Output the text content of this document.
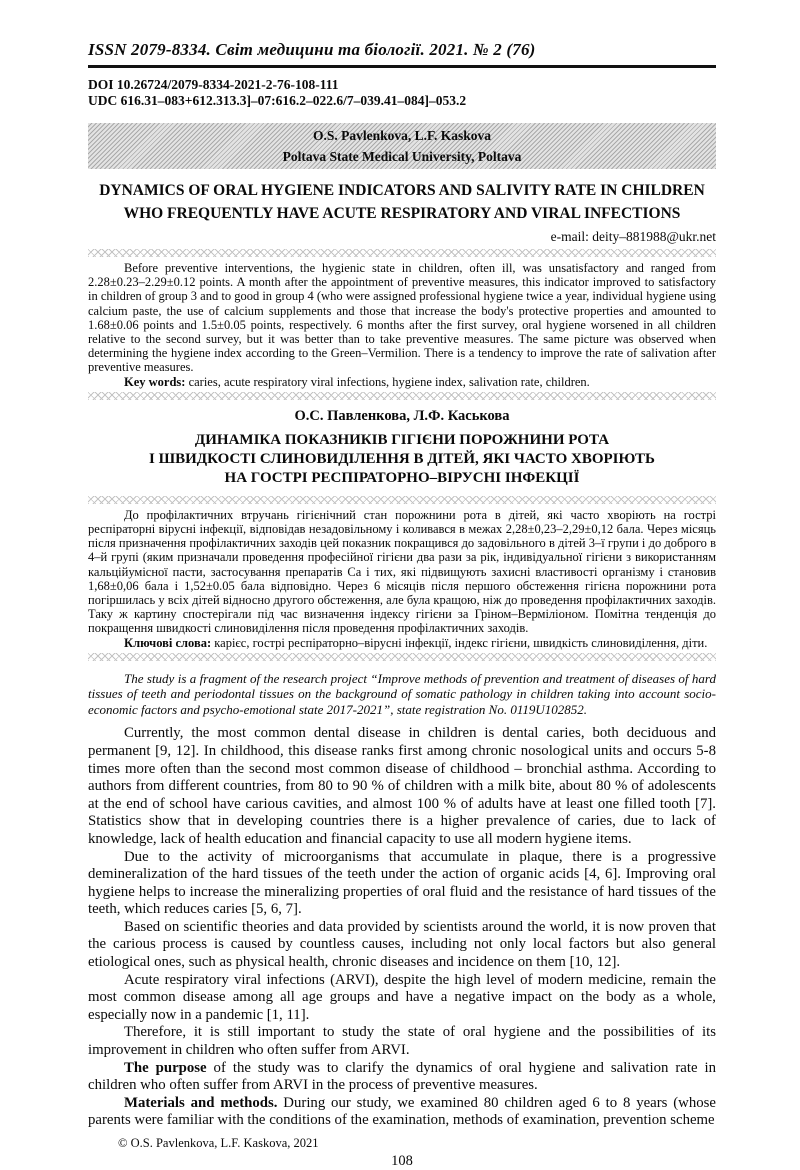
ISSN 2079-8334. Світ медицини та біології. 2021. № 2 (76)
DOI 10.26724/2079-8334-2021-2-76-108-111
UDC 616.31–083+612.313.3]–07:616.2–022.6/7–039.41–084]–053.2
O.S. Pavlenkova, L.F. Kaskova
Poltava State Medical University, Poltava
DYNAMICS OF ORAL HYGIENE INDICATORS AND SALIVITY RATE IN CHILDREN WHO FREQUENTLY HAVE ACUTE RESPIRATORY AND VIRAL INFECTIONS
e-mail: deity–881988@ukr.net

Before preventive interventions, the hygienic state in children, often ill, was unsatisfactory and ranged from 2.28±0.23–2.29±0.12 points. A month after the appointment of preventive measures, this indicator improved to satisfactory in children of group 3 and to good in group 4 (who were assigned professional hygiene twice a year, individual hygiene using calcium paste, the use of calcium supplements and those that increase the body's protective properties and amounted to 1.68±0.06 points and 1.5±0.05 points, respectively. 6 months after the first survey, oral hygiene worsened in all children relative to the second survey, but it was better than to take preventive measures. The same picture was observed when determining the hygiene index according to the Green–Vermilion. There is a tendency to improve the rate of salivation after preventive measures.

Key words: caries, acute respiratory viral infections, hygiene index, salivation rate, children.

О.С. Павленкова, Л.Ф. Каськова
ДИНАМІКА ПОКАЗНИКІВ ГІГІЄНИ ПОРОЖНИНИ РОТА
І ШВИДКОСТІ СЛИНОВИДІЛЕННЯ В ДІТЕЙ, ЯКІ ЧАСТО ХВОРІЮТЬ
НА ГОСТРІ РЕСПІРАТОРНО–ВІРУСНІ ІНФЕКЦІЇ

До профілактичних втручань гігієнічний стан порожнини рота в дітей, які часто хворіють на гострі респіраторні вірусні інфекції, відповідав незадовільному і коливався в межах 2,28±0,23–2,29±0,12 бала. Через місяць після призначення профілактичних заходів цей показник покращився до задовільного в дітей 3–ї групи і до доброго в 4–й групі (яким призначали проведення професійної гігієни два рази за рік, індивідуальної гігієни з використанням кальційумісної пасти, застосування препаратів Са і тих, які підвищують захисні властивості організму і становив 1,68±0,06 бала і 1,52±0.05 бала відповідно. Через 6 місяців після першого обстеження гігієна порожнини рота погіршилась у всіх дітей відносно другого обстеження, але була кращою, ніж до проведення профілактичних заходів. Таку ж картину спостерігали під час визначення індексу гігієни за Гріном–Верміліоном. Помітна тенденція до покращення швидкості слиновиділення після проведення профілактичних заходів.

Ключові слова: карієс, гострі респіраторно–вірусні інфекції, індекс гігієни, швидкість слиновиділення, діти.

The study is a fragment of the research project “Improve methods of prevention and treatment of diseases of hard tissues of teeth and periodontal tissues on the background of somatic pathology in children taking into account socio-economic factors and psycho-emotional state 2017-2021”, state registration No. 0119U102852.

Currently, the most common dental disease in children is dental caries, both deciduous and permanent [9, 12]. In childhood, this disease ranks first among chronic nosological units and occurs 5-8 times more often than the second most common disease of childhood – bronchial asthma. According to authors from different countries, from 80 to 90 % of children with a milk bite, about 80 % of adolescents at the end of school have carious cavities, and almost 100 % of adults have at least one filled tooth [7]. Statistics show that in developing countries there is a higher prevalence of caries, due to lack of knowledge, lack of health education and financial capacity to use all modern hygiene items.

Due to the activity of microorganisms that accumulate in plaque, there is a progressive demineralization of the hard tissues of the teeth under the action of organic acids [4, 6]. Improving oral hygiene helps to increase the mineralizing properties of oral fluid and the resistance of hard tissues of the teeth, which reduces caries [5, 6, 7].

Based on scientific theories and data provided by scientists around the world, it is now proven that the carious process is caused by countless causes, including not only local factors but also general etiological ones, such as physical health, chronic diseases and incidence on them [10, 12].

Acute respiratory viral infections (ARVI), despite the high level of modern medicine, remain the most common disease among all age groups and have a negative impact on the body as a whole, especially now in a pandemic [1, 11].

Therefore, it is still important to study the state of oral hygiene and the possibilities of its improvement in children who often suffer from ARVI.

The purpose of the study was to clarify the dynamics of oral hygiene and salivation rate in children who often suffer from ARVI in the process of preventive measures.

Materials and methods. During our study, we examined 80 children aged 6 to 8 years (whose parents were familiar with the conditions of the examination, methods of examination, prevention scheme

© O.S. Pavlenkova, L.F. Kaskova, 2021
108
